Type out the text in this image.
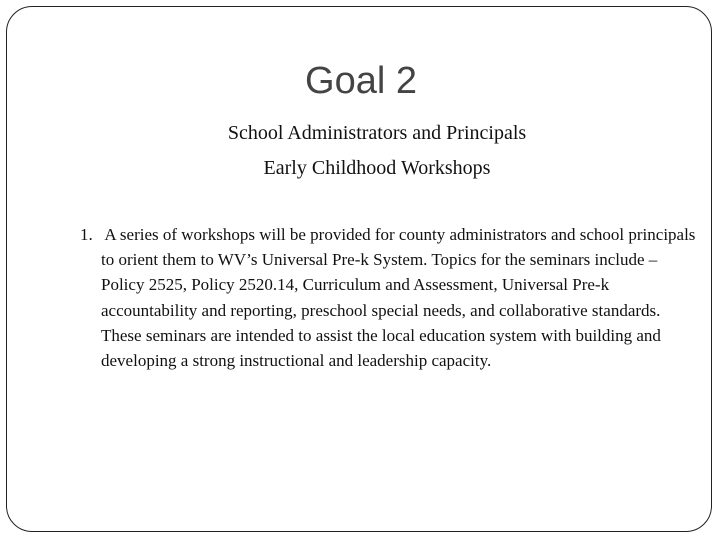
Goal 2
School Administrators and Principals
Early Childhood Workshops
1. A series of workshops will be provided for county administrators and school principals to orient them to WV’s Universal Pre-k System. Topics for the seminars include – Policy 2525, Policy 2520.14, Curriculum and Assessment, Universal Pre-k accountability and reporting, preschool special needs, and collaborative standards. These seminars are intended to assist the local education system with building and developing a strong instructional and leadership capacity.
